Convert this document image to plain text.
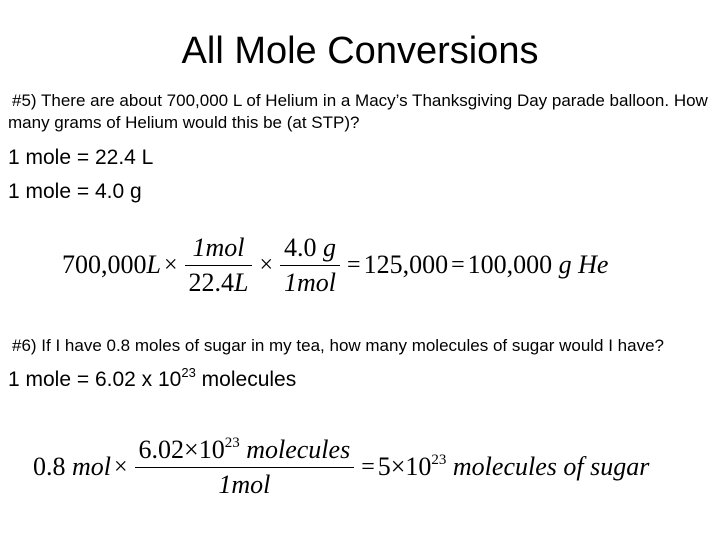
All Mole Conversions
#5) There are about 700,000 L of Helium in a Macy’s Thanksgiving Day parade balloon. How many grams of Helium would this be (at STP)?
1 mole = 22.4 L
1 mole = 4.0 g
$700,000L \times \frac{\text{1mol}}{22.4L} \times \frac{4.0 g}{\text{1mol}} = 125,000 = 100,000$ g He
#6) If I have 0.8 moles of sugar in my tea, how many molecules of sugar would I have?
1 mole = 6.02 x $10^{23}$ molecules
0.8 mol × $\frac{6.02\times 10^{23} molecules}{\text{1mol}} = 5\times 10^{23}$ molecules of sugar
